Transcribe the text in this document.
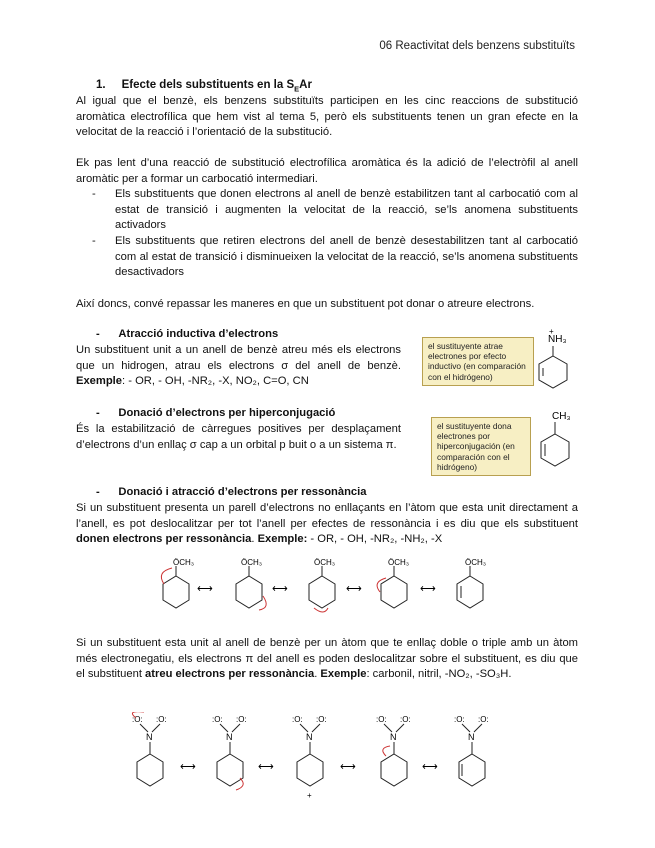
06 Reactivitat dels benzens substituïts
1. Efecte dels substituents en la $S_EAr$
Al igual que el benzè, els benzens substituïts participen en les cinc reaccions de substitució aromàtica electrofílica que hem vist al tema 5, però els substituents tenen un gran efecte en la velocitat de la reacció i l’orientació de la substitució.
Ek pas lent d’una reacció de substitució electrofílica aromàtica és la adició de l’electròfil al anell aromàtic per a formar un carbocatió intermediari.
- Els substituents que donen electrons al anell de benzè estabilitzen tant al carbocatió com al estat de transició i augmenten la velocitat de la reacció, se’ls anomena substituents activadors
- Els substituents que retiren electrons del anell de benzè desestabilitzen tant al carbocatió com al estat de transició i disminueixen la velocitat de la reacció, se’ls anomena substituents desactivadors
Així doncs, convé repassar les maneres en que un substituent pot donar o atreure electrons.
- Atracció inductiva d’electrons
Un substituent unit a un anell de benzè atreu més els electrons que un hidrogen, atrau els electrons σ del anell de benzè. Exemple: - OR, - OH, -NR₂, -X, NO₂, C=O, CN
el sustituyente atrae electrones por efecto inductivo (en comparación con el hidrógeno)
NH₃
+
- Donació d’electrons per hiperconjugació
És la estabilització de càrregues positives per desplaçament d’electrons d’un enllaç σ cap a un orbital p buit o a un sistema π.
el sustituyente dona electrones por hiperconjugación (en comparación con el hidrógeno)
CH₃
- Donació i atracció d’electrons per ressonància
Si un substituent presenta un parell d’electrons no enllaçants en l’àtom que esta unit directament a l’anell, es pot deslocalitzar per tot l’anell per efectes de ressonància i es diu que els substituent donen electrons per ressonància. Exemple: - OR, - OH, -NR₂, -NH₂, -X
ÖCH₃
⟷
ÖCH₃
⟷
ÖCH₃
⟷
ÖCH₃
⟷
ÖCH₃
Si un substituent esta unit al anell de benzè per un àtom que te enllaç doble o triple amb un àtom més electronegatiu, els electrons π del anell es poden deslocalitzar sobre el substituent, es diu que el substituent atreu electrons per ressonància. Exemple: carbonil, nitril, -NO₂, -SO₃H.
:O: :O:
N
⟷
:O: :O:
N
⟷
:O: :O:
N
+
⟷
:O: :O:
N
⟷
:O: :O:
N
